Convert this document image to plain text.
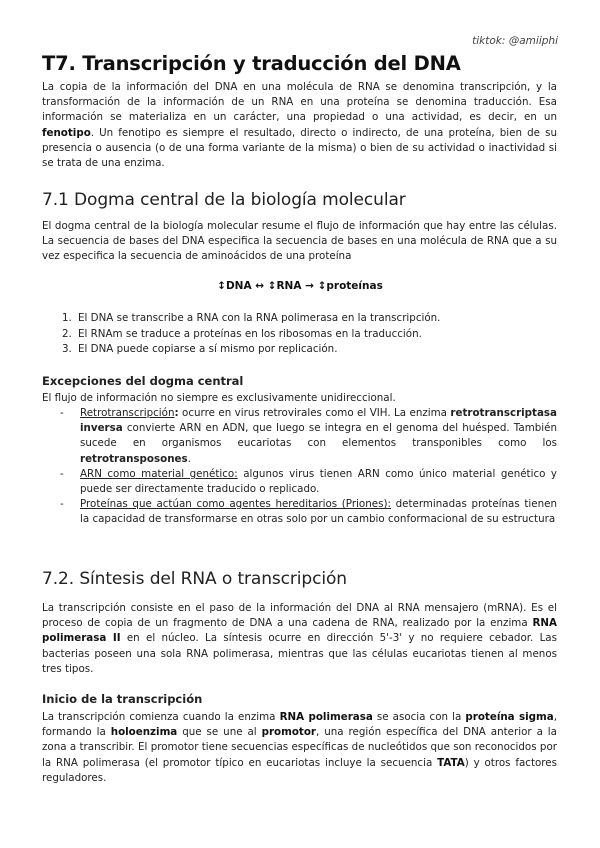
tiktok: @amiiphi
T7. Transcripción y traducción del DNA
La copia de la información del DNA en una molécula de RNA se denomina transcripción, y la transformación de la información de un RNA en una proteína se denomina traducción. Esa información se materializa en un carácter, una propiedad o una actividad, es decir, en un fenotipo. Un fenotipo es siempre el resultado, directo o indirecto, de una proteína, bien de su presencia o ausencia (o de una forma variante de la misma) o bien de su actividad o inactividad si se trata de una enzima.
7.1 Dogma central de la biología molecular
El dogma central de la biología molecular resume el flujo de información que hay entre las células. La secuencia de bases del DNA especifica la secuencia de bases en una molécula de RNA que a su vez especifica la secuencia de aminoácidos de una proteína
↕DNA ↔ ↕RNA → ↕proteínas
1. El DNA se transcribe a RNA con la RNA polimerasa en la transcripción.
2. El RNAm se traduce a proteínas en los ribosomas en la traducción.
3. El DNA puede copiarse a sí mismo por replicación.
Excepciones del dogma central
El flujo de información no siempre es exclusivamente unidireccional.
- Retrotranscripción: ocurre en virus retrovirales como el VIH. La enzima retrotranscriptasa inversa convierte ARN en ADN, que luego se integra en el genoma del huésped. También sucede en organismos eucariotas con elementos transponibles como los retrotransposones.
- ARN como material genético: algunos virus tienen ARN como único material genético y puede ser directamente traducido o replicado.
- Proteínas que actúan como agentes hereditarios (Priones): determinadas proteínas tienen la capacidad de transformarse en otras solo por un cambio conformacional de su estructura
7.2. Síntesis del RNA o transcripción
La transcripción consiste en el paso de la información del DNA al RNA mensajero (mRNA). Es el proceso de copia de un fragmento de DNA a una cadena de RNA, realizado por la enzima RNA polimerasa II en el núcleo. La síntesis ocurre en dirección 5'-3' y no requiere cebador. Las bacterias poseen una sola RNA polimerasa, mientras que las células eucariotas tienen al menos tres tipos.
Inicio de la transcripción
La transcripción comienza cuando la enzima RNA polimerasa se asocia con la proteína sigma, formando la holoenzima que se une al promotor, una región específica del DNA anterior a la zona a transcribir. El promotor tiene secuencias específicas de nucleótidos que son reconocidos por la RNA polimerasa (el promotor típico en eucariotas incluye la secuencia TATA) y otros factores reguladores.
